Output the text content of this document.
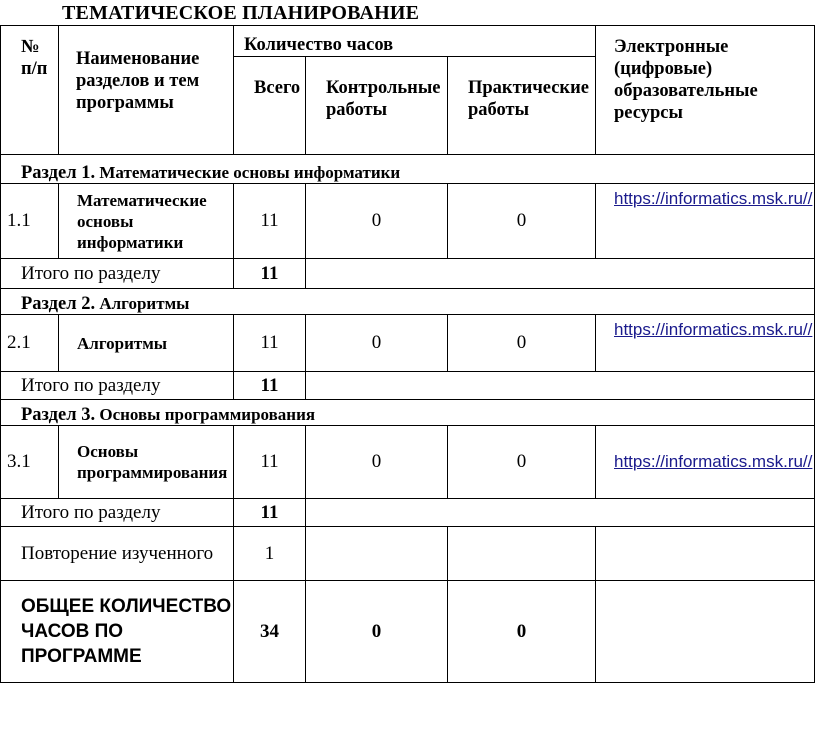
ТЕМАТИЧЕСКОЕ ПЛАНИРОВАНИЕ
№ п/п	Наименование разделов и тем программы	Количество часов			Электронные (цифровые) образовательные ресурсы
		Всего	Контрольные работы	Практические работы	
Раздел 1. Математические основы информатики					
1.1	Математические основы информатики	11	0	0	https://informatics.msk.ru//
Итого по разделу		11			
Раздел 2. Алгоритмы					
2.1	Алгоритмы	11	0	0	https://informatics.msk.ru//
Итого по разделу		11			
Раздел 3. Основы программирования					
3.1	Основы программирования	11	0	0	https://informatics.msk.ru//
Итого по разделу		11			
Повторение изученного		1			
ОБЩЕЕ КОЛИЧЕСТВО ЧАСОВ ПО ПРОГРАММЕ		34	0	0	
